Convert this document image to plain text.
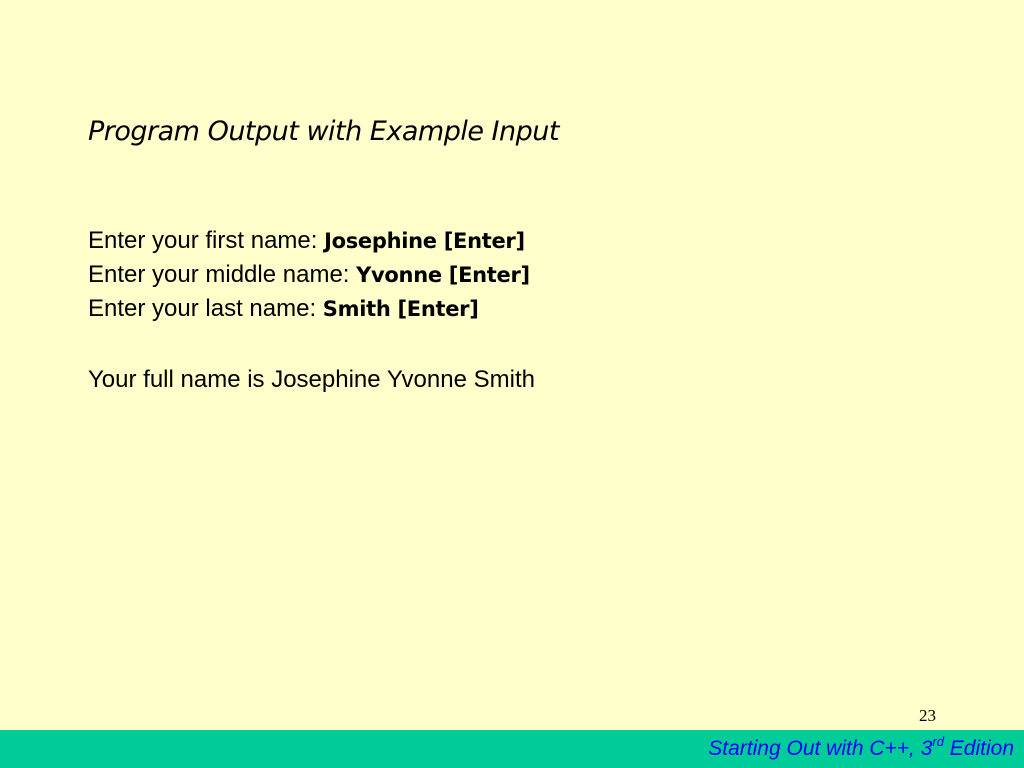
Program Output with Example Input
Enter your first name: Josephine [Enter]
Enter your middle name: Yvonne [Enter]
Enter your last name: Smith [Enter]
Your full name is Josephine Yvonne Smith
23
Starting Out with C++, 3rd Edition
